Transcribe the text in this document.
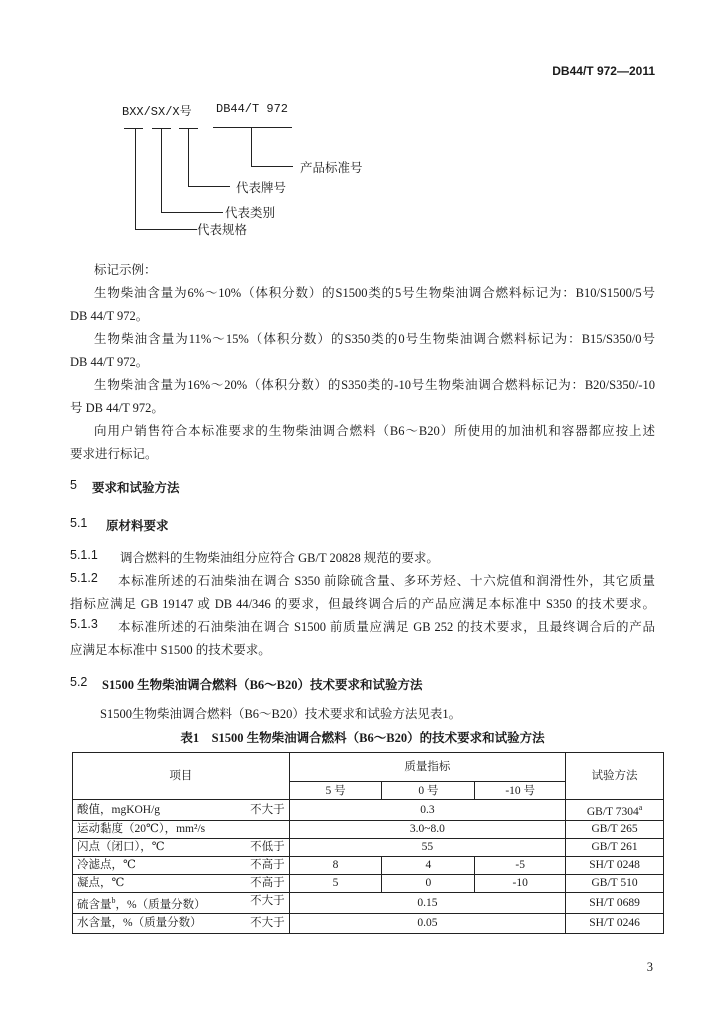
DB44/T 972—2011
BXX/SX/X号 DB44/T 972
产品标准号
代表牌号
代表类别
代表规格
标记示例：
生物柴油含量为6%～10%（体积分数）的S1500类的5号生物柴油调合燃料标记为：B10/S1500/5号
DB 44/T 972。
生物柴油含量为11%～15%（体积分数）的S350类的0号生物柴油调合燃料标记为：B15/S350/0号
DB 44/T 972。
生物柴油含量为16%～20%（体积分数）的S350类的-10号生物柴油调合燃料标记为：B20/S350/-10
号 DB 44/T 972。
向用户销售符合本标准要求的生物柴油调合燃料（B6～B20）所使用的加油机和容器都应按上述
要求进行标记。
5 要求和试验方法
5.1 原材料要求
5.1.1 调合燃料的生物柴油组分应符合 GB/T 20828 规范的要求。
5.1.2 本标准所述的石油柴油在调合 S350 前除硫含量、多环芳烃、十六烷值和润滑性外，其它质量
指标应满足 GB 19147 或 DB 44/346 的要求，但最终调合后的产品应满足本标准中 S350 的技术要求。
5.1.3 本标准所述的石油柴油在调合 S1500 前质量应满足 GB 252 的技术要求，且最终调合后的产品
应满足本标准中 S1500 的技术要求。
5.2 S1500 生物柴油调合燃料（B6～B20）技术要求和试验方法
S1500生物柴油调合燃料（B6～B20）技术要求和试验方法见表1。
表1　S1500 生物柴油调合燃料（B6～B20）的技术要求和试验方法
项目	质量指标			试验方法
	5 号	0 号	-10 号	

酸值，mgKOH/g 不大于	0.3			GB/T 7304$^a$

运动黏度（20℃），mm²/s	3.0~8.0			GB/T 265

闪点（闭口），℃ 不低于	55			GB/T 261

冷滤点，℃ 不高于	8	4	-5	SH/T 0248

凝点，℃ 不高于	5	0	-10	GB/T 510

硫含量$^b$，%（质量分数） 不大于	0.15			SH/T 0689

水含量，%（质量分数） 不大于	0.05			SH/T 0246
3
